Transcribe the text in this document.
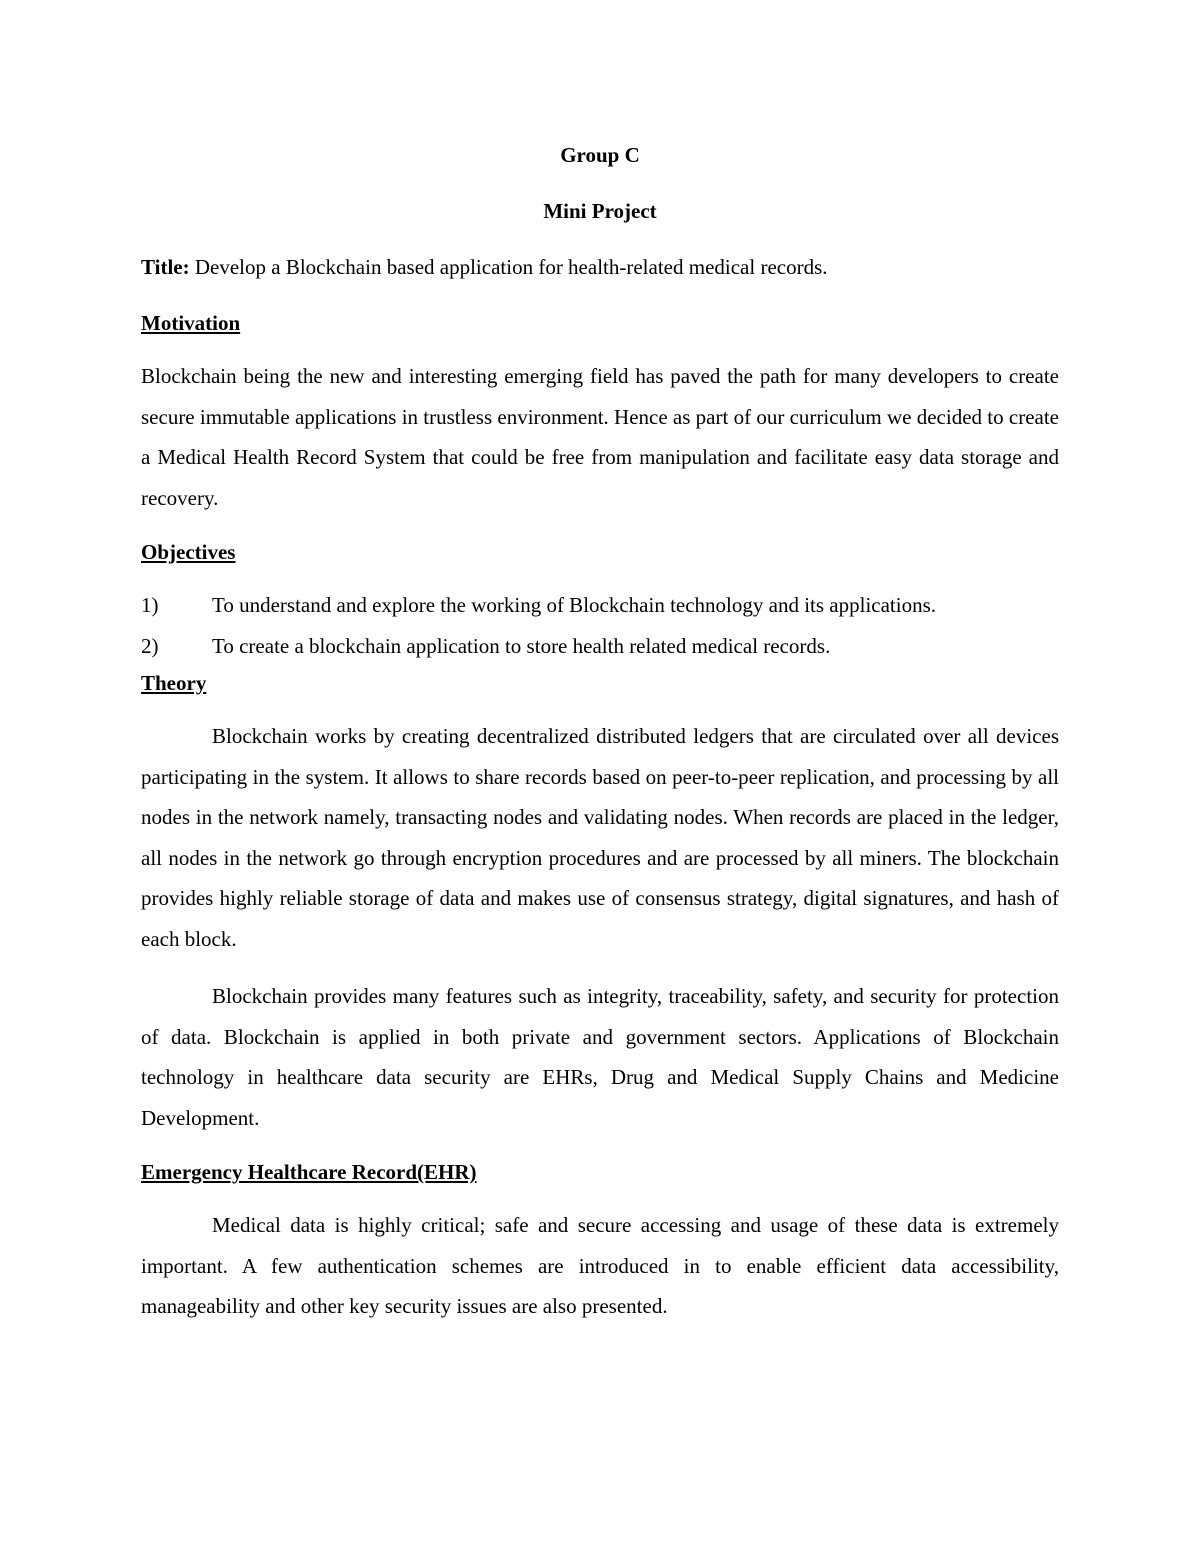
Group C

Mini Project

Title: Develop a Blockchain based application for health-related medical records.

Motivation

Blockchain being the new and interesting emerging field has paved the path for many developers to create secure immutable applications in trustless environment. Hence as part of our curriculum we decided to create a Medical Health Record System that could be free from manipulation and facilitate easy data storage and recovery.

Objectives

1)	To understand and explore the working of Blockchain technology and its applications.
2)	To create a blockchain application to store health related medical records.

Theory

Blockchain works by creating decentralized distributed ledgers that are circulated over all devices participating in the system. It allows to share records based on peer-to-peer replication, and processing by all nodes in the network namely, transacting nodes and validating nodes. When records are placed in the ledger, all nodes in the network go through encryption procedures and are processed by all miners. The blockchain provides highly reliable storage of data and makes use of consensus strategy, digital signatures, and hash of each block.

Blockchain provides many features such as integrity, traceability, safety, and security for protection of data. Blockchain is applied in both private and government sectors. Applications of Blockchain technology in healthcare data security are EHRs, Drug and Medical Supply Chains and Medicine Development.

Emergency Healthcare Record(EHR)

Medical data is highly critical; safe and secure accessing and usage of these data is extremely important. A few authentication schemes are introduced in to enable efficient data accessibility, manageability and other key security issues are also presented.
